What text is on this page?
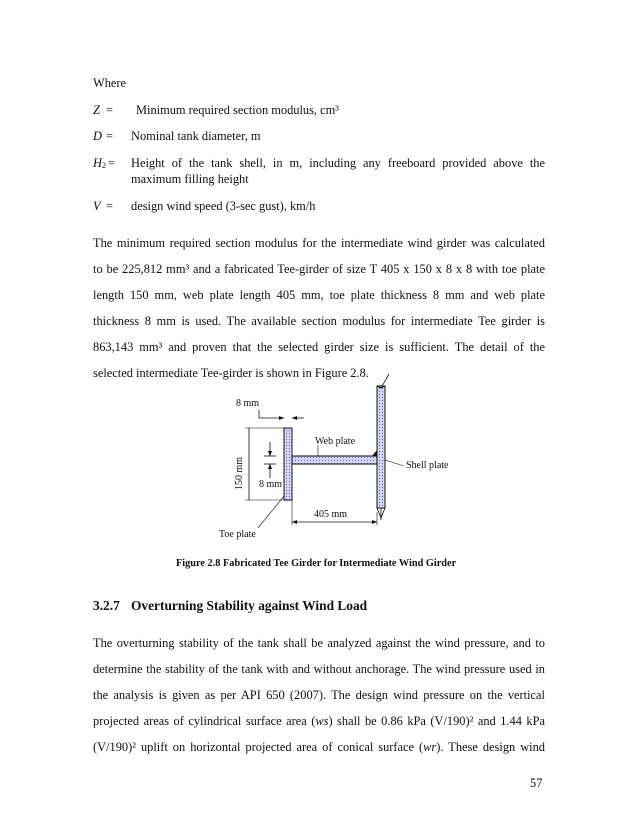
Where
Z = Minimum required section modulus, cm³
D = Nominal tank diameter, m
H 2 = Height of the tank shell, in m, including any freeboard provided above the
maximum filling height
V = design wind speed (3-sec gust), km/h
The minimum required section modulus for the intermediate wind girder was calculated
to be 225,812 mm³ and a fabricated Tee-girder of size T 405 x 150 x 8 x 8 with toe plate
length 150 mm, web plate length 405 mm, toe plate thickness 8 mm and web plate
thickness 8 mm is used. The available section modulus for intermediate Tee girder is
863,143 mm³ and proven that the selected girder size is sufficient. The detail of the
selected intermediate Tee-girder is shown in Figure 2.8.
8 mm
150 mm 8 mm
405 mm
Web plate
Shell plate
Toe plate
Figure 2.8 Fabricated Tee Girder for Intermediate Wind Girder
3.2.7 Overturning Stability against Wind Load
The overturning stability of the tank shall be analyzed against the wind pressure, and to
determine the stability of the tank with and without anchorage. The wind pressure used in
the analysis is given as per API 650 (2007). The design wind pressure on the vertical
projected areas of cylindrical surface area (ws) shall be 0.86 kPa (V/190)² and 1.44 kPa
(V/190)² uplift on horizontal projected area of conical surface (wr). These design wind
57
